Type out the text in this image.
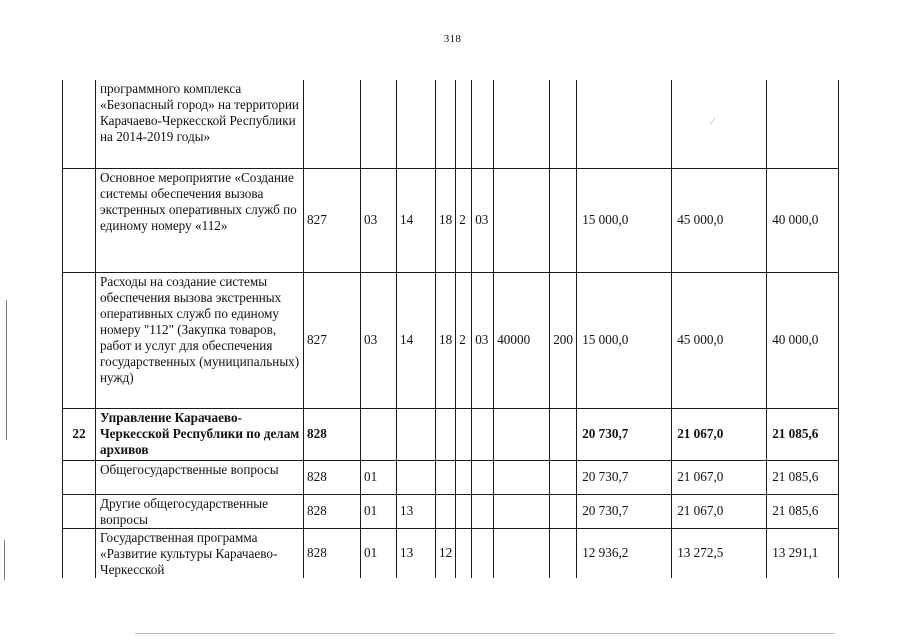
318
	программного комплекса «Безопасный город» на территории Карачаево-Черкесской Республики на 2014-2019 годы»											
	Основное мероприятие «Создание системы обеспечения вызова экстренных оперативных служб по единому номеру «112»	827	03	14	18	2	03			15 000,0	45 000,0	40 000,0
	Расходы на создание системы обеспечения вызова экстренных оперативных служб по единому номеру "112" (Закупка товаров, работ и услуг для обеспечения государственных (муниципальных) нужд)	827	03	14	18	2	03	40000	200	15 000,0	45 000,0	40 000,0
22	Управление Карачаево-Черкесской Республики по делам архивов	828								20 730,7	21 067,0	21 085,6
	Общегосударственные вопросы	828	01							20 730,7	21 067,0	21 085,6
	Другие общегосударственные вопросы	828	01	13						20 730,7	21 067,0	21 085,6
	Государственная программа «Развитие культуры Карачаево-Черкесской	828	01	13	12					12 936,2	13 272,5	13 291,1
⁄
